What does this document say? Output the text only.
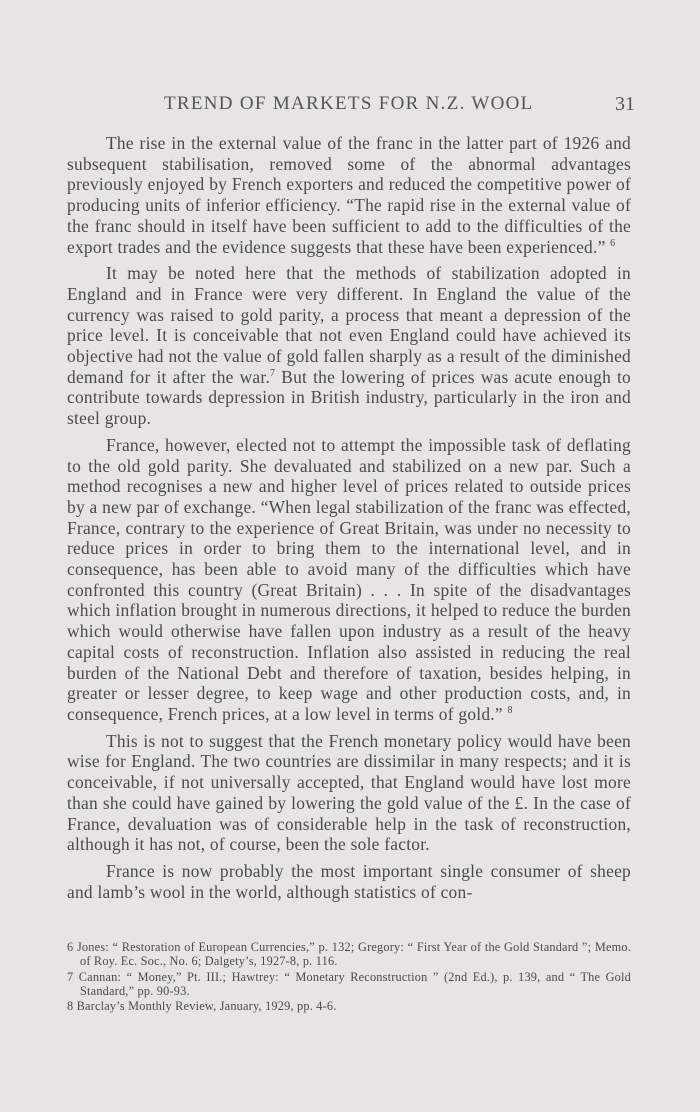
TREND OF MARKETS FOR N.Z. WOOL	31

The rise in the external value of the franc in the latter part of 1926 and subsequent stabilisation, removed some of the abnormal advantages previously enjoyed by French exporters and reduced the competitive power of producing units of inferior efficiency. “The rapid rise in the external value of the franc should in itself have been sufficient to add to the difficulties of the export trades and the evidence suggests that these have been experienced.” $^6$

It may be noted here that the methods of stabilization adopted in England and in France were very different. In England the value of the currency was raised to gold parity, a process that meant a depression of the price level. It is conceivable that not even England could have achieved its objective had not the value of gold fallen sharply as a result of the diminished demand for it after the war.$^7$ But the lowering of prices was acute enough to contribute towards depression in British industry, particularly in the iron and steel group.

France, however, elected not to attempt the impossible task of deflating to the old gold parity. She devaluated and stabilized on a new par. Such a method recognises a new and higher level of prices related to outside prices by a new par of exchange. “When legal stabilization of the franc was effected, France, contrary to the experience of Great Britain, was under no necessity to reduce prices in order to bring them to the international level, and in consequence, has been able to avoid many of the difficulties which have confronted this country (Great Britain) . . . In spite of the disadvantages which inflation brought in numerous directions, it helped to reduce the burden which would otherwise have fallen upon industry as a result of the heavy capital costs of reconstruction. Inflation also assisted in reducing the real burden of the National Debt and therefore of taxation, besides helping, in greater or lesser degree, to keep wage and other production costs, and, in consequence, French prices, at a low level in terms of gold.” $^8$

This is not to suggest that the French monetary policy would have been wise for England. The two countries are dissimilar in many respects; and it is conceivable, if not universally accepted, that England would have lost more than she could have gained by lowering the gold value of the £. In the case of France, devaluation was of considerable help in the task of reconstruction, although it has not, of course, been the sole factor.

France is now probably the most important single consumer of sheep and lamb’s wool in the world, although statistics of con-

6 Jones: “ Restoration of European Currencies,” p. 132; Gregory: “ First Year of the Gold Standard ”; Memo. of Roy. Ec. Soc., No. 6; Dalgety’s, 1927-8, p. 116.

7 Cannan: “ Money,” Pt. III.; Hawtrey: “ Monetary Reconstruction ” (2nd Ed.), p. 139, and “ The Gold Standard,” pp. 90-93.

8 Barclay’s Monthly Review, January, 1929, pp. 4-6.
